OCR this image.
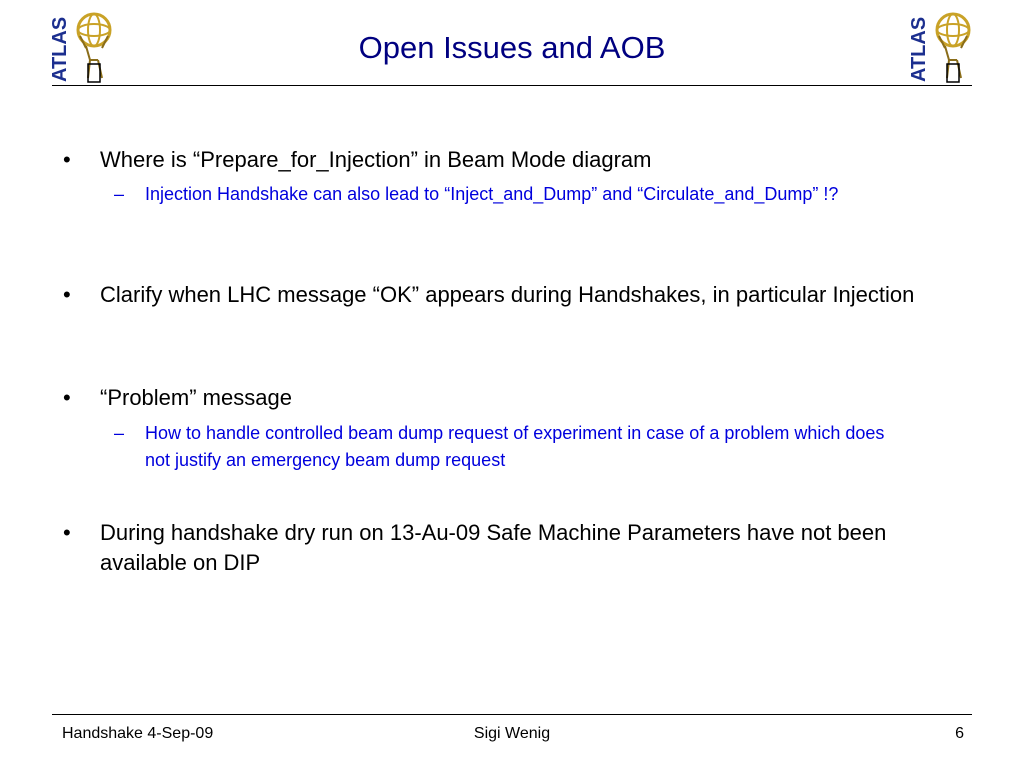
ATLAS	ATLAS
Open Issues and AOB
•	Where is “Prepare_for_Injection” in Beam Mode diagram
–	Injection Handshake can also lead to “Inject_and_Dump” and “Circulate_and_Dump” !?
•	Clarify when LHC message “OK” appears during Handshakes, in particular Injection
•	“Problem” message
–	How to handle controlled beam dump request of experiment in case of a problem which does not justify an emergency beam dump request
•	During handshake dry run on 13-Au-09 Safe Machine Parameters have not been available on DIP
Handshake 4-Sep-09	Sigi Wenig	6
